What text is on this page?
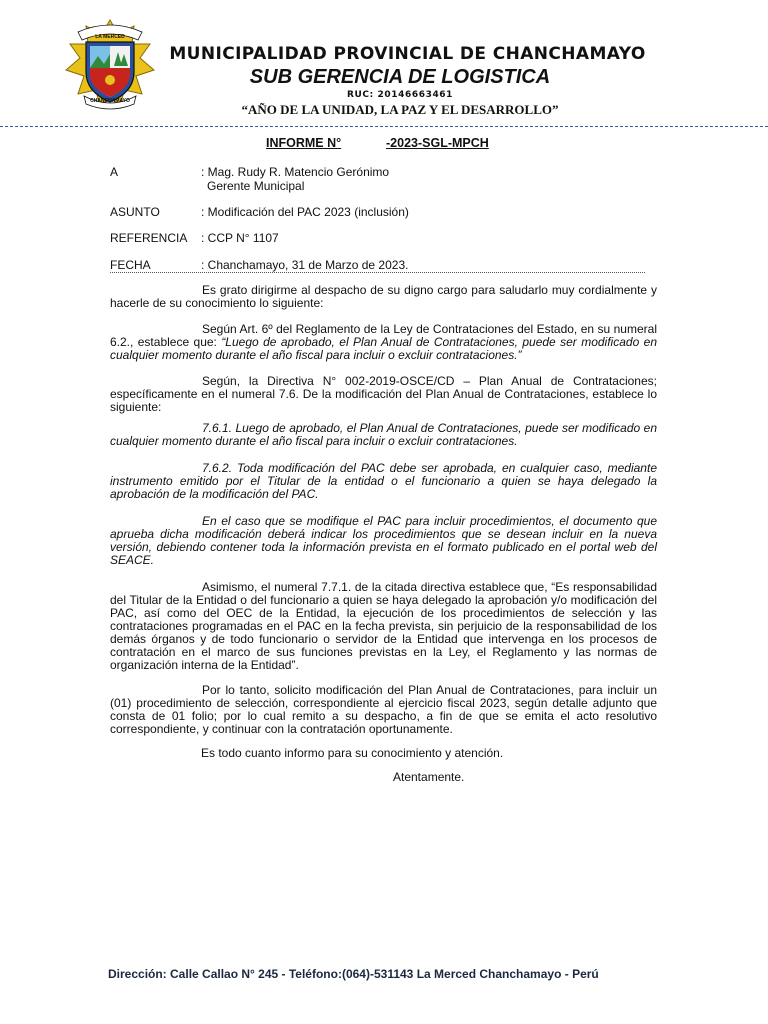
LA MERCED
CHANCHAMAYO
MUNICIPALIDAD PROVINCIAL DE CHANCHAMAYO
SUB GERENCIA DE LOGISTICA
RUC: 20146663461
“AÑO DE LA UNIDAD, LA PAZ Y EL DESARROLLO”
INFORME N°	-2023-SGL-MPCH
A	: Mag. Rudy R. Matencio Gerónimo
Gerente Municipal
ASUNTO	: Modificación del PAC 2023 (inclusión)
REFERENCIA : CCP N° 1107
FECHA	: Chanchamayo, 31 de Marzo de 2023.

Es grato dirigirme al despacho de su digno cargo para saludarlo muy cordialmente y hacerle de su conocimiento lo siguiente:

Según Art. 6º del Reglamento de la Ley de Contrataciones del Estado, en su numeral 6.2., establece que: “Luego de aprobado, el Plan Anual de Contrataciones, puede ser modificado en cualquier momento durante el año fiscal para incluir o excluir contrataciones.”

Según, la Directiva N° 002-2019-OSCE/CD – Plan Anual de Contrataciones; específicamente en el numeral 7.6. De la modificación del Plan Anual de Contrataciones, establece lo siguiente:

7.6.1. Luego de aprobado, el Plan Anual de Contrataciones, puede ser modificado en cualquier momento durante el año fiscal para incluir o excluir contrataciones.

7.6.2. Toda modificación del PAC debe ser aprobada, en cualquier caso, mediante instrumento emitido por el Titular de la entidad o el funcionario a quien se haya delegado la aprobación de la modificación del PAC.

En el caso que se modifique el PAC para incluir procedimientos, el documento que aprueba dicha modificación deberá indicar los procedimientos que se desean incluir en la nueva versión, debiendo contener toda la información prevista en el formato publicado en el portal web del SEACE.

Asimismo, el numeral 7.7.1. de la citada directiva establece que, “Es responsabilidad del Titular de la Entidad o del funcionario a quien se haya delegado la aprobación y/o modificación del PAC, así como del OEC de la Entidad, la ejecución de los procedimientos de selección y las contrataciones programadas en el PAC en la fecha prevista, sin perjuicio de la responsabilidad de los demás órganos y de todo funcionario o servidor de la Entidad que intervenga en los procesos de contratación en el marco de sus funciones previstas en la Ley, el Reglamento y las normas de organización interna de la Entidad”.

Por lo tanto, solicito modificación del Plan Anual de Contrataciones, para incluir un (01) procedimiento de selección, correspondiente al ejercicio fiscal 2023, según detalle adjunto que consta de 01 folio; por lo cual remito a su despacho, a fin de que se emita el acto resolutivo correspondiente, y continuar con la contratación oportunamente.

Es todo cuanto informo para su conocimiento y atención.
Atentamente.
Dirección: Calle Callao N° 245 - Teléfono:(064)-531143 La Merced Chanchamayo - Perú
